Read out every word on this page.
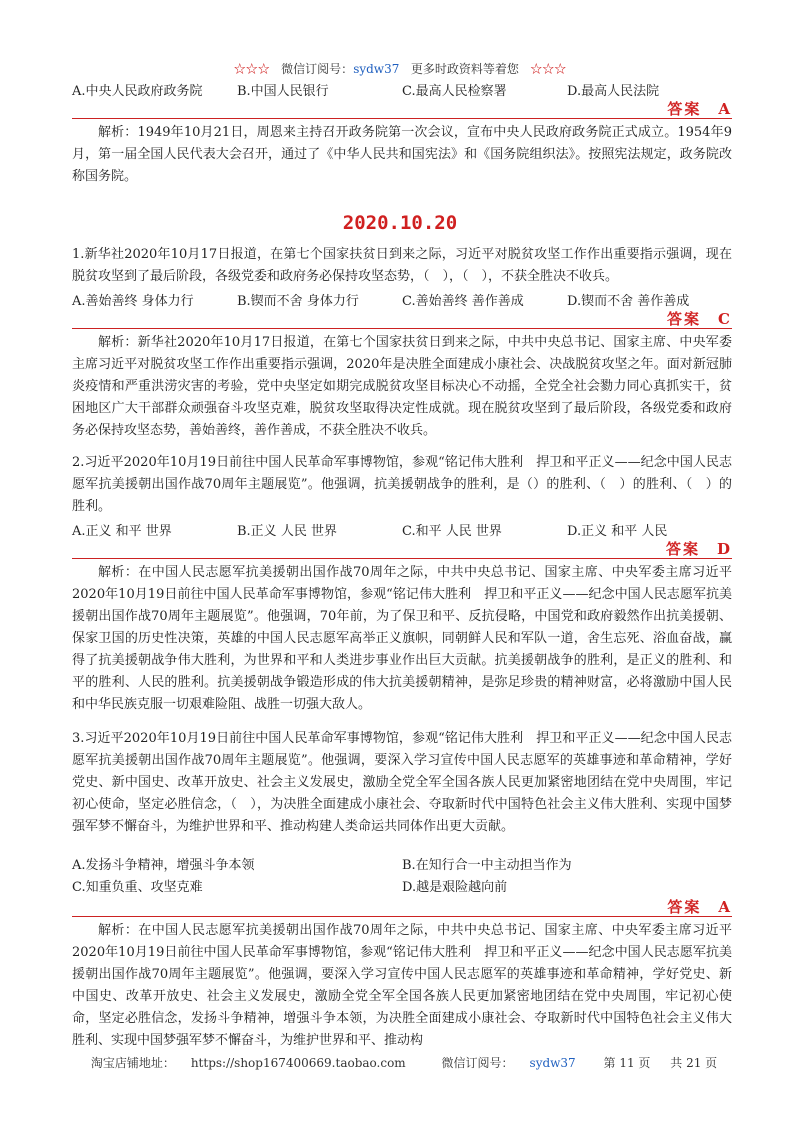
☆☆☆ 微信订阅号：sydw37 更多时政资料等着您 ☆☆☆
A.中央人民政府政务院	B.中国人民银行	C.最高人民检察署	D.最高人民法院
答案　A
解析：1949年10月21日，周恩来主持召开政务院第一次会议，宣布中央人民政府政务院正式成立。1954年9月，第一届全国人民代表大会召开，通过了《中华人民共和国宪法》和《国务院组织法》。按照宪法规定，政务院改称国务院。
2020.10.20
1.新华社2020年10月17日报道，在第七个国家扶贫日到来之际，习近平对脱贫攻坚工作作出重要指示强调，现在脱贫攻坚到了最后阶段，各级党委和政府务必保持攻坚态势，（　），（　），不获全胜决不收兵。
A.善始善终 身体力行	B.锲而不舍 身体力行	C.善始善终 善作善成	D.锲而不舍 善作善成
答案　C
解析：新华社2020年10月17日报道，在第七个国家扶贫日到来之际，中共中央总书记、国家主席、中央军委主席习近平对脱贫攻坚工作作出重要指示强调，2020年是决胜全面建成小康社会、决战脱贫攻坚之年。面对新冠肺炎疫情和严重洪涝灾害的考验，党中央坚定如期完成脱贫攻坚目标决心不动摇，全党全社会勠力同心真抓实干，贫困地区广大干部群众顽强奋斗攻坚克难，脱贫攻坚取得决定性成就。现在脱贫攻坚到了最后阶段，各级党委和政府务必保持攻坚态势，善始善终，善作善成，不获全胜决不收兵。
2.习近平2020年10月19日前往中国人民革命军事博物馆，参观“铭记伟大胜利　捍卫和平正义——纪念中国人民志愿军抗美援朝出国作战70周年主题展览”。他强调，抗美援朝战争的胜利，是（）的胜利、（　）的胜利、（　）的胜利。
A.正义 和平 世界	B.正义 人民 世界	C.和平 人民 世界	D.正义 和平 人民
答案　D
解析：在中国人民志愿军抗美援朝出国作战70周年之际，中共中央总书记、国家主席、中央军委主席习近平2020年10月19日前往中国人民革命军事博物馆，参观“铭记伟大胜利　捍卫和平正义——纪念中国人民志愿军抗美援朝出国作战70周年主题展览”。他强调，70年前，为了保卫和平、反抗侵略，中国党和政府毅然作出抗美援朝、保家卫国的历史性决策，英雄的中国人民志愿军高举正义旗帜，同朝鲜人民和军队一道，舍生忘死、浴血奋战，赢得了抗美援朝战争伟大胜利，为世界和平和人类进步事业作出巨大贡献。抗美援朝战争的胜利，是正义的胜利、和平的胜利、人民的胜利。抗美援朝战争锻造形成的伟大抗美援朝精神，是弥足珍贵的精神财富，必将激励中国人民和中华民族克服一切艰难险阻、战胜一切强大敌人。
3.习近平2020年10月19日前往中国人民革命军事博物馆，参观“铭记伟大胜利　捍卫和平正义——纪念中国人民志愿军抗美援朝出国作战70周年主题展览”。他强调，要深入学习宣传中国人民志愿军的英雄事迹和革命精神，学好党史、新中国史、改革开放史、社会主义发展史，激励全党全军全国各族人民更加紧密地团结在党中央周围，牢记初心使命，坚定必胜信念，（　），为决胜全面建成小康社会、夺取新时代中国特色社会主义伟大胜利、实现中国梦强军梦不懈奋斗，为维护世界和平、推动构建人类命运共同体作出更大贡献。
A.发扬斗争精神，增强斗争本领	B.在知行合一中主动担当作为
C.知重负重、攻坚克难	D.越是艰险越向前
答案　A
解析：在中国人民志愿军抗美援朝出国作战70周年之际，中共中央总书记、国家主席、中央军委主席习近平2020年10月19日前往中国人民革命军事博物馆，参观“铭记伟大胜利　捍卫和平正义——纪念中国人民志愿军抗美援朝出国作战70周年主题展览”。他强调，要深入学习宣传中国人民志愿军的英雄事迹和革命精神，学好党史、新中国史、改革开放史、社会主义发展史，激励全党全军全国各族人民更加紧密地团结在党中央周围，牢记初心使命，坚定必胜信念，发扬斗争精神，增强斗争本领，为决胜全面建成小康社会、夺取新时代中国特色社会主义伟大胜利、实现中国梦强军梦不懈奋斗，为维护世界和平、推动构
淘宝店铺地址： https://shop167400669.taobao.com	微信订阅号： sydw37 第 11 页 共 21 页
